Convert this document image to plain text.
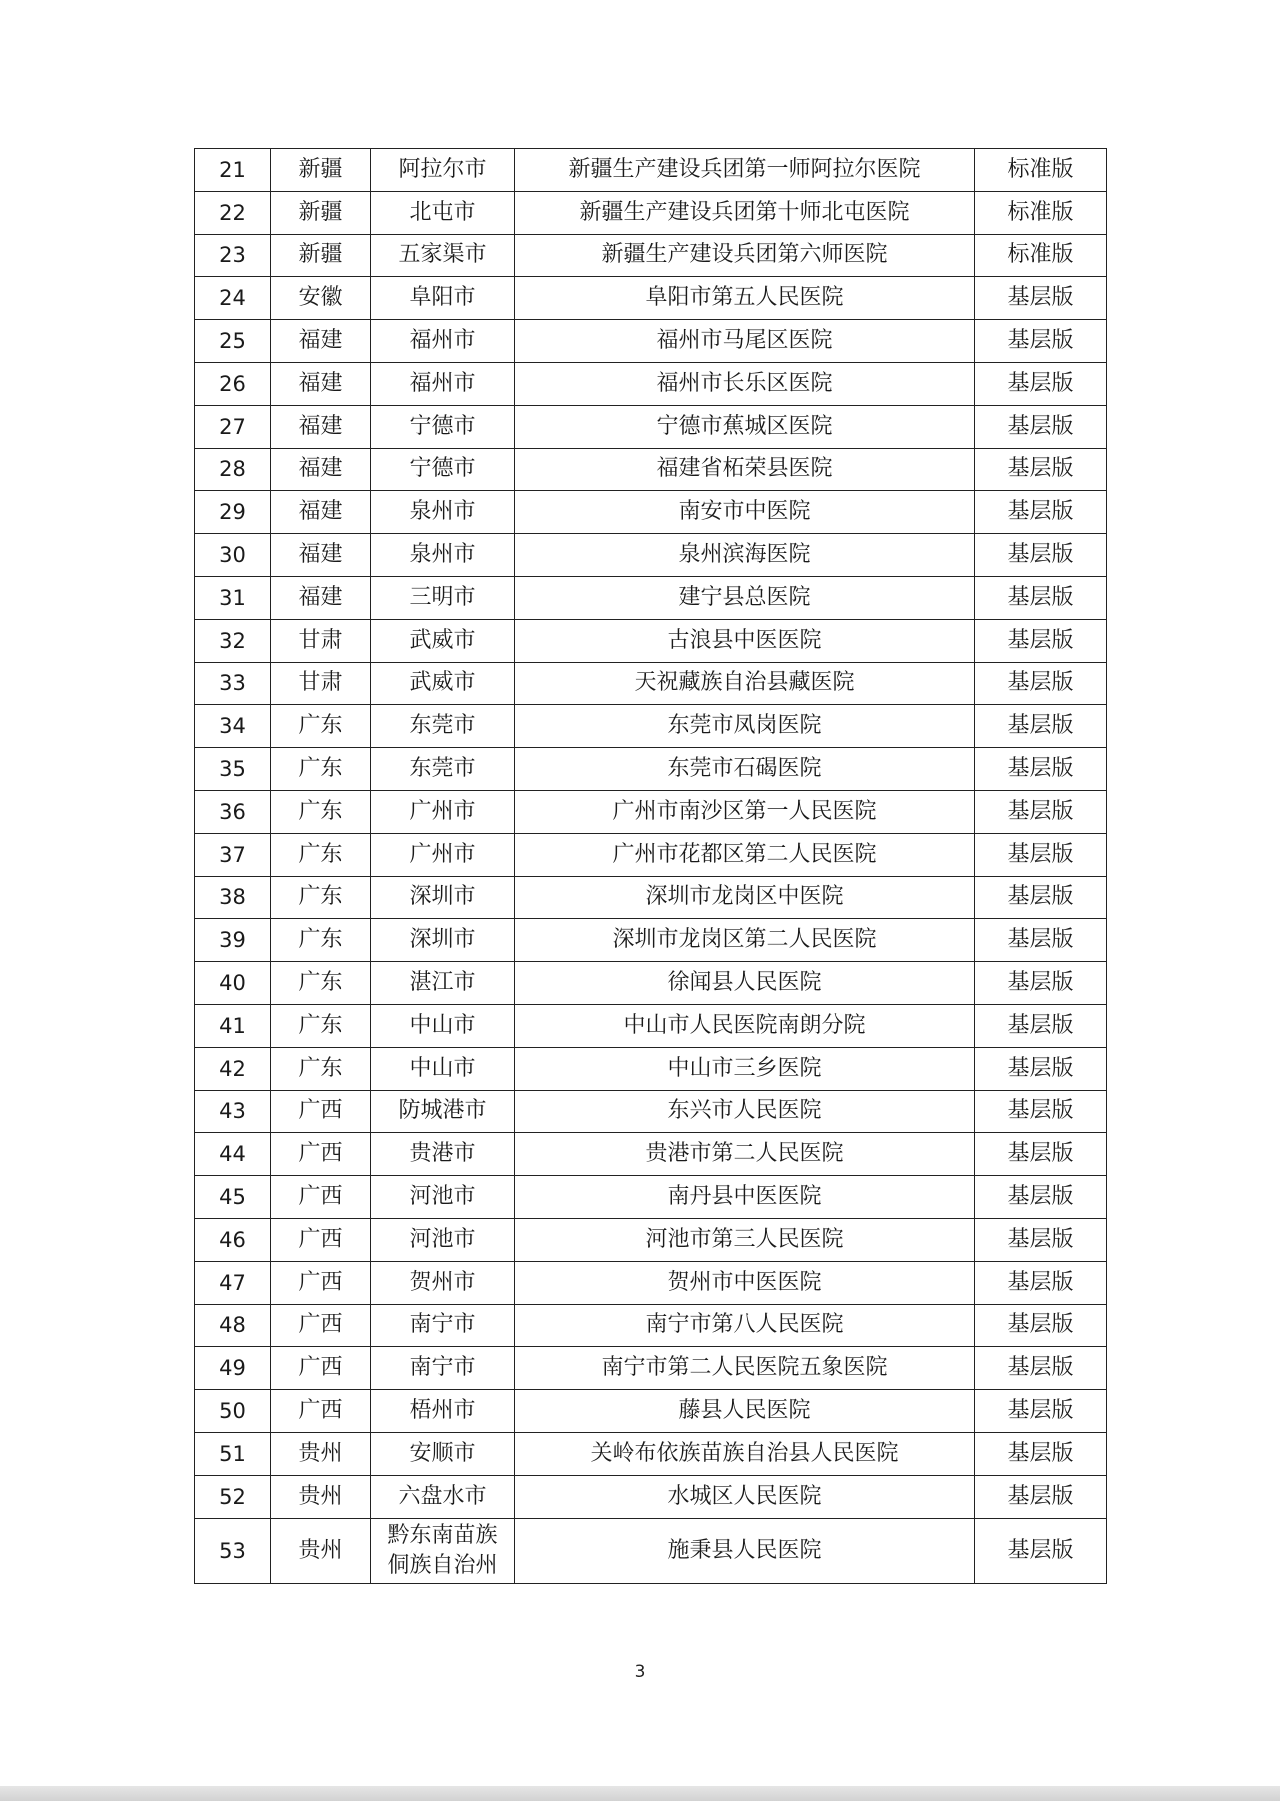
21	新疆	阿拉尔市	新疆生产建设兵团第一师阿拉尔医院	标准版
22	新疆	北屯市	新疆生产建设兵团第十师北屯医院	标准版
23	新疆	五家渠市	新疆生产建设兵团第六师医院	标准版
24	安徽	阜阳市	阜阳市第五人民医院	基层版
25	福建	福州市	福州市马尾区医院	基层版
26	福建	福州市	福州市长乐区医院	基层版
27	福建	宁德市	宁德市蕉城区医院	基层版
28	福建	宁德市	福建省柘荣县医院	基层版
29	福建	泉州市	南安市中医院	基层版
30	福建	泉州市	泉州滨海医院	基层版
31	福建	三明市	建宁县总医院	基层版
32	甘肃	武威市	古浪县中医医院	基层版
33	甘肃	武威市	天祝藏族自治县藏医院	基层版
34	广东	东莞市	东莞市凤岗医院	基层版
35	广东	东莞市	东莞市石碣医院	基层版
36	广东	广州市	广州市南沙区第一人民医院	基层版
37	广东	广州市	广州市花都区第二人民医院	基层版
38	广东	深圳市	深圳市龙岗区中医院	基层版
39	广东	深圳市	深圳市龙岗区第二人民医院	基层版
40	广东	湛江市	徐闻县人民医院	基层版
41	广东	中山市	中山市人民医院南朗分院	基层版
42	广东	中山市	中山市三乡医院	基层版
43	广西	防城港市	东兴市人民医院	基层版
44	广西	贵港市	贵港市第二人民医院	基层版
45	广西	河池市	南丹县中医医院	基层版
46	广西	河池市	河池市第三人民医院	基层版
47	广西	贺州市	贺州市中医医院	基层版
48	广西	南宁市	南宁市第八人民医院	基层版
49	广西	南宁市	南宁市第二人民医院五象医院	基层版
50	广西	梧州市	藤县人民医院	基层版
51	贵州	安顺市	关岭布依族苗族自治县人民医院	基层版
52	贵州	六盘水市	水城区人民医院	基层版
53	贵州	黔东南苗族侗族自治州	施秉县人民医院	基层版
3
